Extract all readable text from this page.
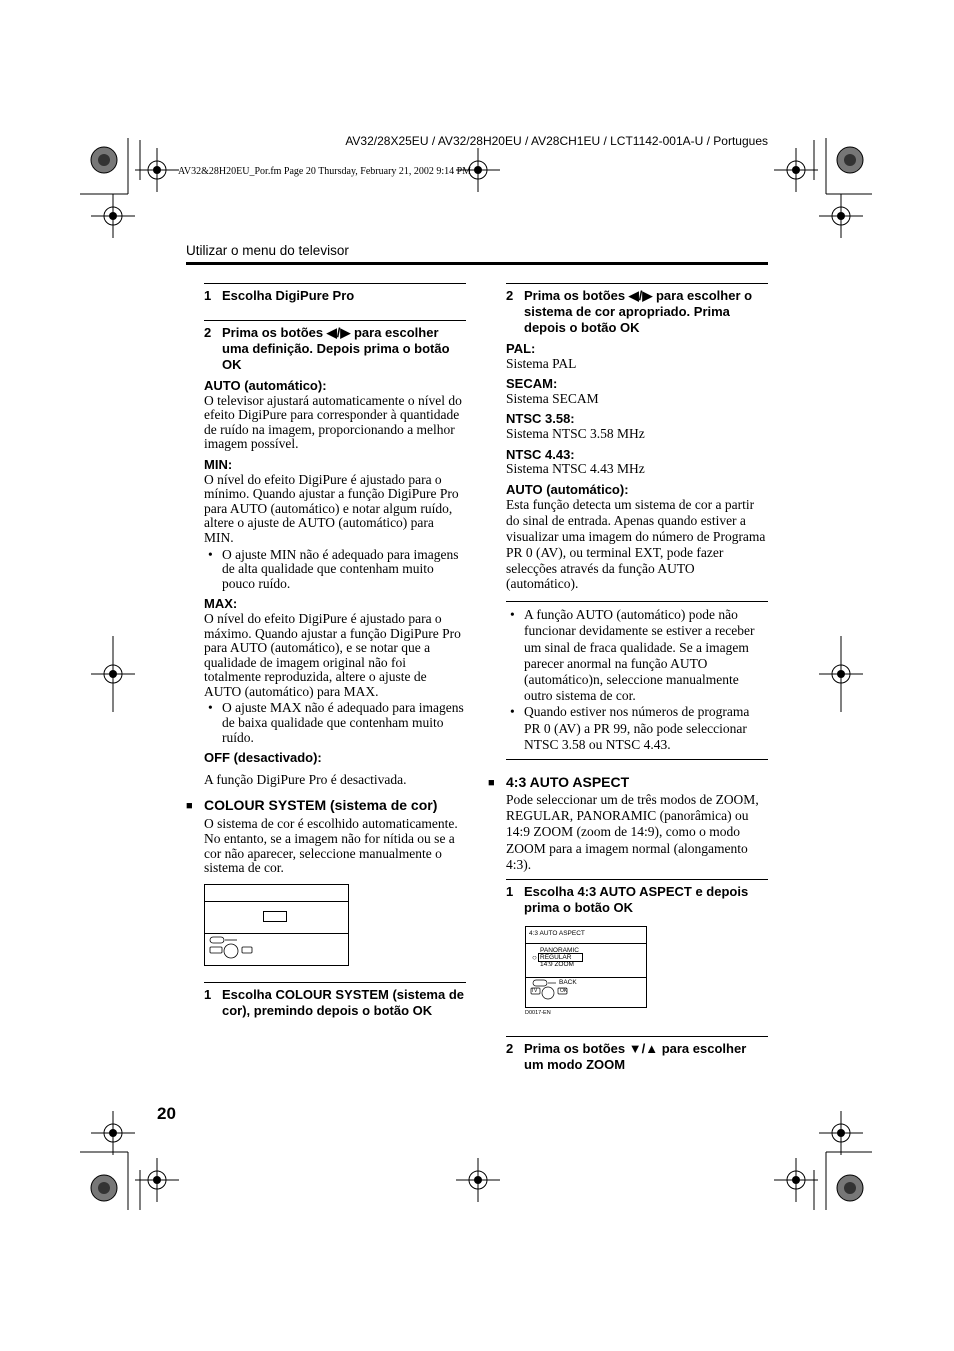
AV32/28X25EU / AV32/28H20EU / AV28CH1EU / LCT1142-001A-U / Portugues
AV32&28H20EU_Por.fm Page 20 Thursday, February 21, 2002 9:14 PM
Utilizar o menu do televisor
1 Escolha DigiPure Pro
2 Prima os botões ◀/▶ para escolher uma definição. Depois prima o botão OK
AUTO (automático):

O televisor ajustará automaticamente o nível do efeito DigiPure para corresponder à quantidade de ruído na imagem, proporcionando a melhor imagem possível.

MIN:

O nível do efeito DigiPure é ajustado para o mínimo. Quando ajustar a função DigiPure Pro para AUTO (automático) e notar algum ruído, altere o ajuste de AUTO (automático) para MIN.

• O ajuste MIN não é adequado para imagens de alta qualidade que contenham muito pouco ruído.
MAX:

O nível do efeito DigiPure é ajustado para o máximo. Quando ajustar a função DigiPure Pro para AUTO (automático), e se notar que a qualidade de imagem original não foi totalmente reproduzida, altere o ajuste de AUTO (automático) para MAX.

• O ajuste MAX não é adequado para imagens de baixa qualidade que contenham muito ruído.
OFF (desactivado):

A função DigiPure Pro é desactivada.

■ COLOUR SYSTEM (sistema de cor)

O sistema de cor é escolhido automaticamente. No entanto, se a imagem não for nítida ou se a cor não aparecer, seleccione manualmente o sistema de cor.

1 Escolha COLOUR SYSTEM (sistema de cor), premindo depois o botão OK
2 Prima os botões ◀/▶ para escolher o sistema de cor apropriado. Prima depois o botão OK
PAL:

Sistema PAL

SECAM:

Sistema SECAM

NTSC 3.58:

Sistema NTSC 3.58 MHz

NTSC 4.43:

Sistema NTSC 4.43 MHz

AUTO (automático):

Esta função detecta um sistema de cor a partir do sinal de entrada. Apenas quando estiver a visualizar uma imagem do número de Programa PR 0 (AV), ou terminal EXT, pode fazer selecções através da função AUTO (automático).

• A função AUTO (automático) pode não funcionar devidamente se estiver a receber um sinal de fraca qualidade. Se a imagem parecer anormal na função AUTO (automático)n, seleccione manualmente outro sistema de cor.
• Quando estiver nos números de programa PR 0 (AV) a PR 99, não pode seleccionar NTSC 3.58 ou NTSC 4.43.
■ 4:3 AUTO ASPECT

Pode seleccionar um de três modos de ZOOM, REGULAR, PANORAMIC (panorâmica) ou 14:9 ZOOM (zoom de 14:9), como o modo ZOOM para a imagem normal (alongamento 4:3).

1 Escolha 4:3 AUTO ASPECT e depois prima o botão OK
4:3 AUTO ASPECT
PANORAMIC
○ REGULAR
14:9 ZOOM
BACK
TV	OK
D0017-EN
2 Prima os botões ▼/▲ para escolher um modo ZOOM
20
